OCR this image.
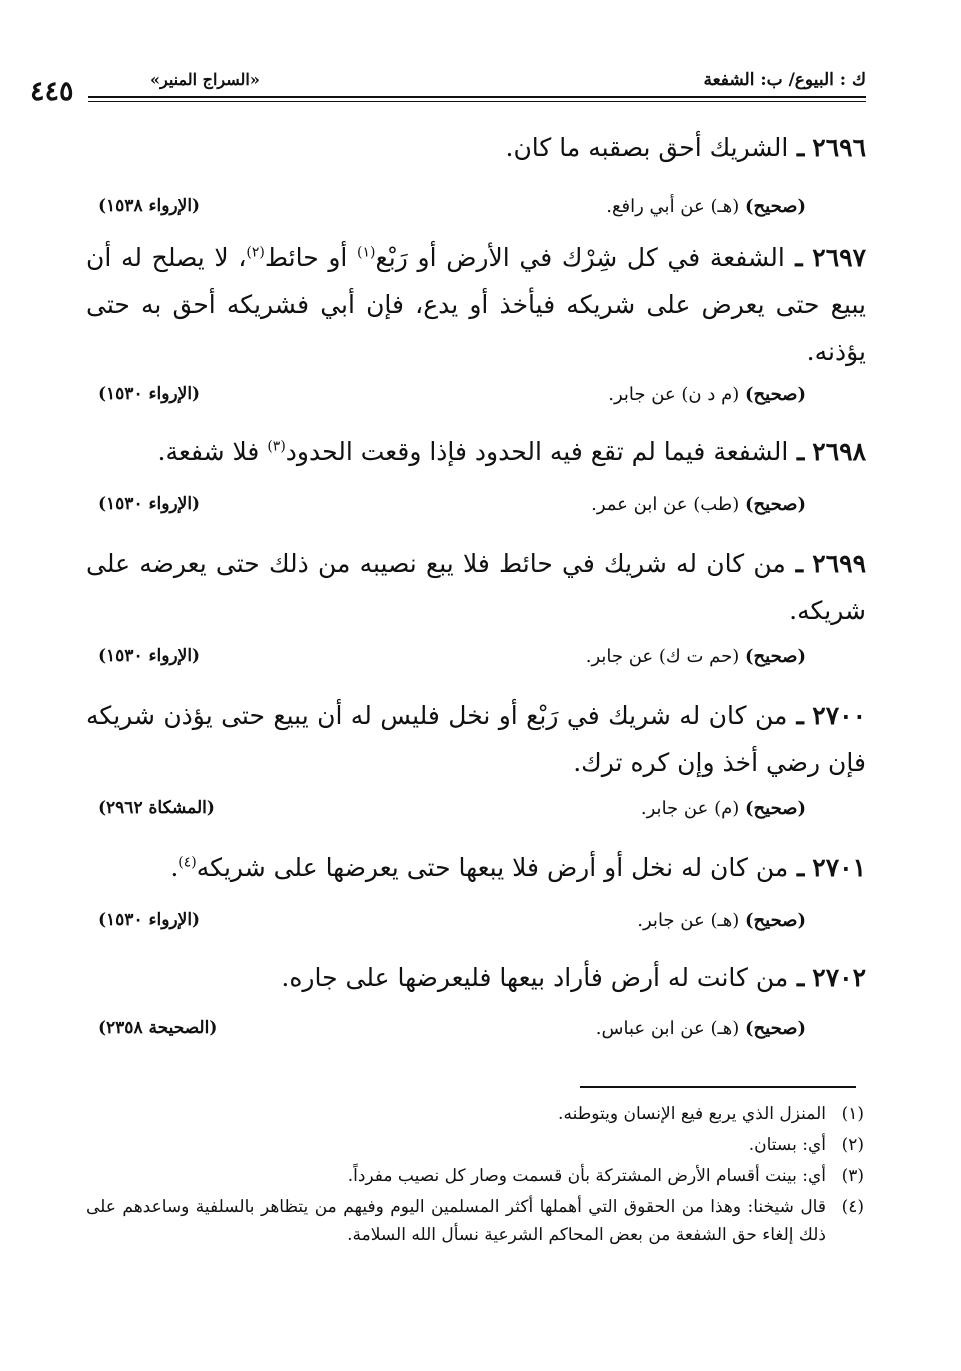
ك : البيوع/ ب: الشفعة
«السراج المنير»
٤٤٥
٢٦٩٦ ـ الشريك أحق بصقبه ما كان.
(صحيح) (هـ) عن أبي رافع.
(الإرواء ١٥٣٨)
٢٦٩٧ ـ الشفعة في كل شِرْك في الأرض أو رَبْع$^{(١)}$ أو حائط$^{(٢)}$، لا يصلح له أن يبيع حتى يعرض على شريكه فيأخذ أو يدع، فإن أبي فشريكه أحق به حتى يؤذنه.
(صحيح) (م د ن) عن جابر.
(الإرواء ١٥٣٠)
٢٦٩٨ ـ الشفعة فيما لم تقع فيه الحدود فإذا وقعت الحدود$^{(٣)}$ فلا شفعة.
(صحيح) (طب) عن ابن عمر.
(الإرواء ١٥٣٠)
٢٦٩٩ ـ من كان له شريك في حائط فلا يبع نصيبه من ذلك حتى يعرضه على شريكه.
(صحيح) (حم ت ك) عن جابر.
(الإرواء ١٥٣٠)
٢٧٠٠ ـ من كان له شريك في رَبْع أو نخل فليس له أن يبيع حتى يؤذن شريكه فإن رضي أخذ وإن كره ترك.
(صحيح) (م) عن جابر.
(المشكاة ٢٩٦٢)
٢٧٠١ ـ من كان له نخل أو أرض فلا يبعها حتى يعرضها على شريكه$^{(٤)}$.
(صحيح) (هـ) عن جابر.
(الإرواء ١٥٣٠)
٢٧٠٢ ـ من كانت له أرض فأراد بيعها فليعرضها على جاره.
(صحيح) (هـ) عن ابن عباس.
(الصحيحة ٢٣٥٨)
(١)
المنزل الذي يربع فيع الإنسان ويتوطنه.
(٢)
أي: بستان.
(٣)
أي: بينت أقسام الأرض المشتركة بأن قسمت وصار كل نصيب مفرداً.
(٤)
قال شيخنا: وهذا من الحقوق التي أهملها أكثر المسلمين اليوم وفيهم من يتظاهر بالسلفية وساعدهم على ذلك إلغاء حق الشفعة من بعض المحاكم الشرعية نسأل الله السلامة.
